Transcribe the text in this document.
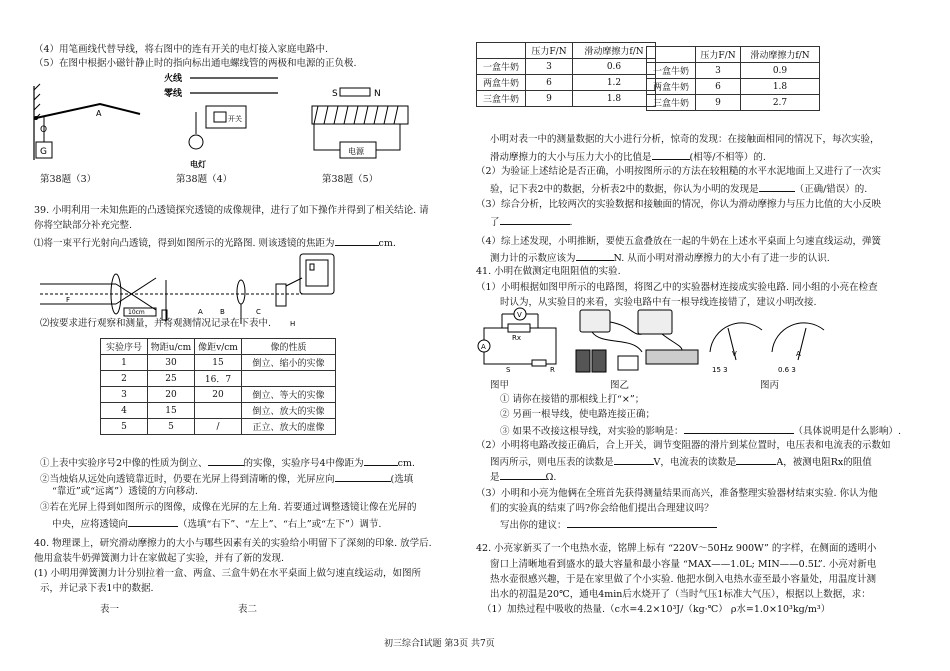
（4）用笔画线代替导线，将右图中的连有开关的电灯接入家庭电路中.
（5）在图中根据小磁针静止时的指向标出通电螺线管的两极和电源的正负极.
O
A
G
火线
零线
开关
电灯
S	N
电源
第38题（3）	第38题（4）	第38题（5）
39. 小明利用一未知焦距的凸透镜探究透镜的成像规律，进行了如下操作并得到了相关结论. 请
你将空缺部分补充完整.
⑴将一束平行光射向凸透镜，得到如图所示的光路图. 则该透镜的焦距为	cm.
F
10cm	A B	C
H
⑵按要求进行观察和测量，并将观测情况记录在下表中.
实验序号	物距u/cm	像距v/cm	像的性质
1	30	15	倒立、缩小的实像
2	25	16．7	
3	20	20	倒立、等大的实像
4	15		倒立、放大的实像
5	5	/	正立、放大的虚像
①上表中实验序号2中像的性质为倒立、	的实像，实验序号4中像距为	cm.
②当烛焰从远处向透镜靠近时，仍要在光屏上得到清晰的像，光屏应向	(选填
“靠近”或“远离”）透镜的方向移动.
③若在光屏上得到如图所示的图像，成像在光屏的左上角. 若要通过调整透镜让像在光屏的
中央，应将透镜向	（选填“右下”、“左上”、“右上”或“左下”）调节.
40. 物理课上，研究滑动摩擦力的大小与哪些因素有关的实验给小明留下了深刻的印象. 放学后.
他用盒装牛奶弹簧测力计在家做起了实验，并有了新的发现.
(1) 小明用弹簧测力计分别拉着一盒、两盒、三盒牛奶在水平桌面上做匀速直线运动，如图所
示，并记录下表1中的数据.
表一	表二
	压力F/N	滑动摩擦力f/N
一盒牛奶	3	0.6
两盒牛奶	6	1.2
三盒牛奶	9	1.8
	压力F/N	滑动摩擦力f/N
一盒牛奶	3	0.9
两盒牛奶	6	1.8
三盒牛奶	9	2.7
小明对表一中的测量数据的大小进行分析，惊奇的发现：在接触面相同的情况下，每次实验，
滑动摩擦力的大小与压力大小的比值是	(相等/不相等）的.
（2）为验证上述结论是否正确，小明按图所示的方法在较粗糙的水平水泥地面上又进行了一次实
验，记下表2中的数据，分析表2中的数据，你认为小明的发现是	（正确/错误）的.
（3）综合分析，比较两次的实验数据和接触面的情况，你认为滑动摩擦力与压力比值的大小反映
了	.
（4）综上述发现，小明推断，要使五盒叠放在一起的牛奶在上述水平桌面上匀速直线运动，弹簧
测力计的示数应该为	N. 从而小明对滑动摩擦力的大小有了进一步的认识.
41. 小明在做测定电阻阻值的实验.
（1）小明根据如图甲所示的电路图，将图乙中的实验器材连接成实验电路. 同小组的小亮在检查
时认为，从实验目的来看，实验电路中有一根导线连接错了，建议小明改接.
V
Rx
A
S	R
V
15 3
A
0.6 3
图甲	图乙	图丙
① 请你在接错的那根线上打“×”；
② 另画一根导线，使电路连接正确；
③ 如果不改接这根导线，对实验的影响是：	（具体说明是什么影响）.
（2）小明将电路改接正确后，合上开关，调节变阻器的滑片到某位置时，电压表和电流表的示数如
图丙所示，则电压表的读数是	V，电流表的读数是	A，被测电阻Rx的阻值
是	Ω.
（3）小明和小亮为他俩在全班首先获得测量结果而高兴，准备整理实验器材结束实验. 你认为他
们的实验真的结束了吗?你会给他们提出合理建议吗？
写出你的建议：
42. 小亮家新买了一个电热水壶，铭牌上标有 “220V～50Hz 900W” 的字样，在侧面的透明小
窗口上清晰地看到盛水的最大容量和最小容量 “MAX——1.0L; MIN——0.5L”. 小亮对新电
热水壶很感兴趣，于是在家里做了个小实验. 他把水倒入电热水壶至最小容量处，用温度计测
出水的初温是20℃，通电4min后水烧开了（当时气压1标准大气压），根据以上数据，求：
（1）加热过程中吸收的热量.（c水=4.2×10³J/（kg·℃） ρ水=1.0×10³kg/m³）
初三综合Ⅰ试题 第3页 共7页
